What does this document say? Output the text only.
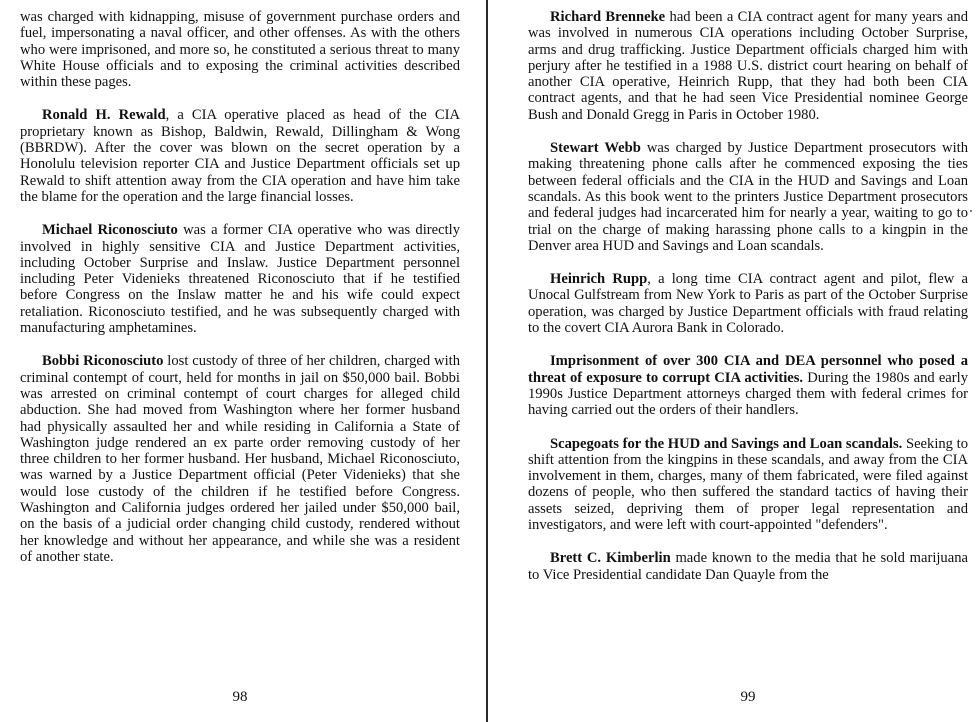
was charged with kidnapping, misuse of government purchase orders and fuel, impersonating a naval officer, and other offenses. As with the others who were imprisoned, and more so, he constituted a serious threat to many White House officials and to exposing the criminal activities described within these pages.

Ronald H. Rewald, a CIA operative placed as head of the CIA proprietary known as Bishop, Baldwin, Rewald, Dillingham & Wong (BBRDW). After the cover was blown on the secret operation by a Honolulu television reporter CIA and Justice Department officials set up Rewald to shift attention away from the CIA operation and have him take the blame for the operation and the large financial losses.

Michael Riconosciuto was a former CIA operative who was directly involved in highly sensitive CIA and Justice Department activities, including October Surprise and Inslaw. Justice Department personnel including Peter Videnieks threatened Riconosciuto that if he testified before Congress on the Inslaw matter he and his wife could expect retaliation. Riconosciuto testified, and he was subsequently charged with manufacturing amphetamines.

Bobbi Riconosciuto lost custody of three of her children, charged with criminal contempt of court, held for months in jail on $50,000 bail. Bobbi was arrested on criminal contempt of court charges for alleged child abduction. She had moved from Washington where her former husband had physically assaulted her and while residing in California a State of Washington judge rendered an ex parte order removing custody of her three children to her former husband. Her husband, Michael Riconosciuto, was warned by a Justice Department official (Peter Videnieks) that she would lose custody of the children if he testified before Congress. Washington and California judges ordered her jailed under $50,000 bail, on the basis of a judicial order changing child custody, rendered without her knowledge and without her appearance, and while she was a resident of another state.

98

Richard Brenneke had been a CIA contract agent for many years and was involved in numerous CIA operations including October Surprise, arms and drug trafficking. Justice Department officials charged him with perjury after he testified in a 1988 U.S. district court hearing on behalf of another CIA operative, Heinrich Rupp, that they had both been CIA contract agents, and that he had seen Vice Presidential nominee George Bush and Donald Gregg in Paris in October 1980.

Stewart Webb was charged by Justice Department prosecutors with making threatening phone calls after he commenced exposing the ties between federal officials and the CIA in the HUD and Savings and Loan scandals. As this book went to the printers Justice Department prosecutors and federal judges had incarcerated him for nearly a year, waiting to go to trial on the charge of making harassing phone calls to a kingpin in the Denver area HUD and Savings and Loan scandals.

Heinrich Rupp, a long time CIA contract agent and pilot, flew a Unocal Gulfstream from New York to Paris as part of the October Surprise operation, was charged by Justice Department officials with fraud relating to the covert CIA Aurora Bank in Colorado.

Imprisonment of over 300 CIA and DEA personnel who posed a threat of exposure to corrupt CIA activities. During the 1980s and early 1990s Justice Department attorneys charged them with federal crimes for having carried out the orders of their handlers.

Scapegoats for the HUD and Savings and Loan scandals. Seeking to shift attention from the kingpins in these scandals, and away from the CIA involvement in them, charges, many of them fabricated, were filed against dozens of people, who then suffered the standard tactics of having their assets seized, depriving them of proper legal representation and investigators, and were left with court-appointed "defenders".

Brett C. Kimberlin made known to the media that he sold marijuana to Vice Presidential candidate Dan Quayle from the

99
